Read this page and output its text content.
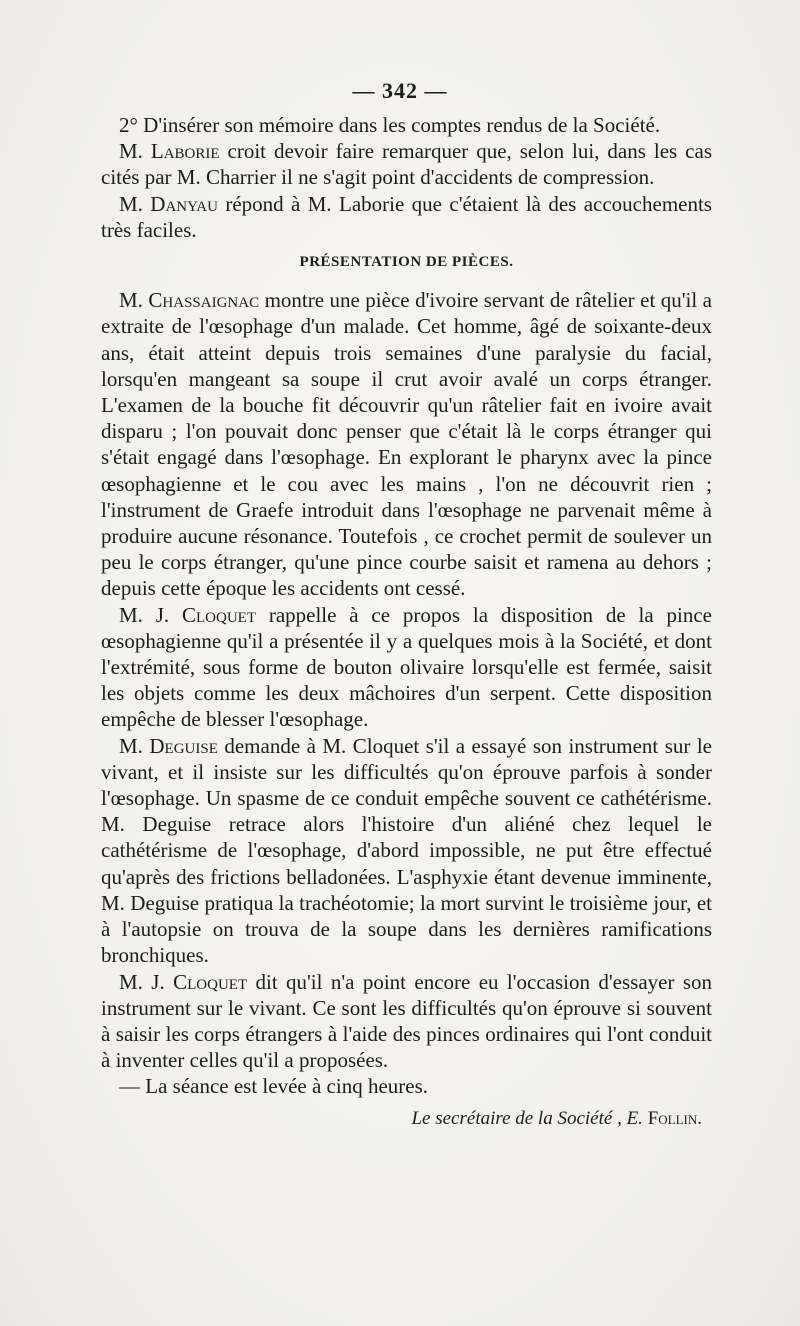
— 342 —

2° D'insérer son mémoire dans les comptes rendus de la Société.

M. Laborie croit devoir faire remarquer que, selon lui, dans les cas cités par M. Charrier il ne s'agit point d'accidents de compression.

M. Danyau répond à M. Laborie que c'étaient là des accouchements très faciles.

PRÉSENTATION DE PIÈCES.

M. Chassaignac montre une pièce d'ivoire servant de râtelier et qu'il a extraite de l'œsophage d'un malade. Cet homme, âgé de soixante-deux ans, était atteint depuis trois semaines d'une paralysie du facial, lorsqu'en mangeant sa soupe il crut avoir avalé un corps étranger. L'examen de la bouche fit découvrir qu'un râtelier fait en ivoire avait disparu ; l'on pouvait donc penser que c'était là le corps étranger qui s'était engagé dans l'œsophage. En explorant le pharynx avec la pince œsophagienne et le cou avec les mains , l'on ne découvrit rien ; l'instrument de Graefe introduit dans l'œsophage ne parvenait même à produire aucune résonance. Toutefois , ce crochet permit de soulever un peu le corps étranger, qu'une pince courbe saisit et ramena au dehors ; depuis cette époque les accidents ont cessé.

M. J. Cloquet rappelle à ce propos la disposition de la pince œsophagienne qu'il a présentée il y a quelques mois à la Société, et dont l'extrémité, sous forme de bouton olivaire lorsqu'elle est fermée, saisit les objets comme les deux mâchoires d'un serpent. Cette disposition empêche de blesser l'œsophage.

M. Deguise demande à M. Cloquet s'il a essayé son instrument sur le vivant, et il insiste sur les difficultés qu'on éprouve parfois à sonder l'œsophage. Un spasme de ce conduit empêche souvent ce cathétérisme. M. Deguise retrace alors l'histoire d'un aliéné chez lequel le cathétérisme de l'œsophage, d'abord impossible, ne put être effectué qu'après des frictions belladonées. L'asphyxie étant devenue imminente, M. Deguise pratiqua la trachéotomie; la mort survint le troisième jour, et à l'autopsie on trouva de la soupe dans les dernières ramifications bronchiques.

M. J. Cloquet dit qu'il n'a point encore eu l'occasion d'essayer son instrument sur le vivant. Ce sont les difficultés qu'on éprouve si souvent à saisir les corps étrangers à l'aide des pinces ordinaires qui l'ont conduit à inventer celles qu'il a proposées.

— La séance est levée à cinq heures.

Le secrétaire de la Société , E. Follin.
